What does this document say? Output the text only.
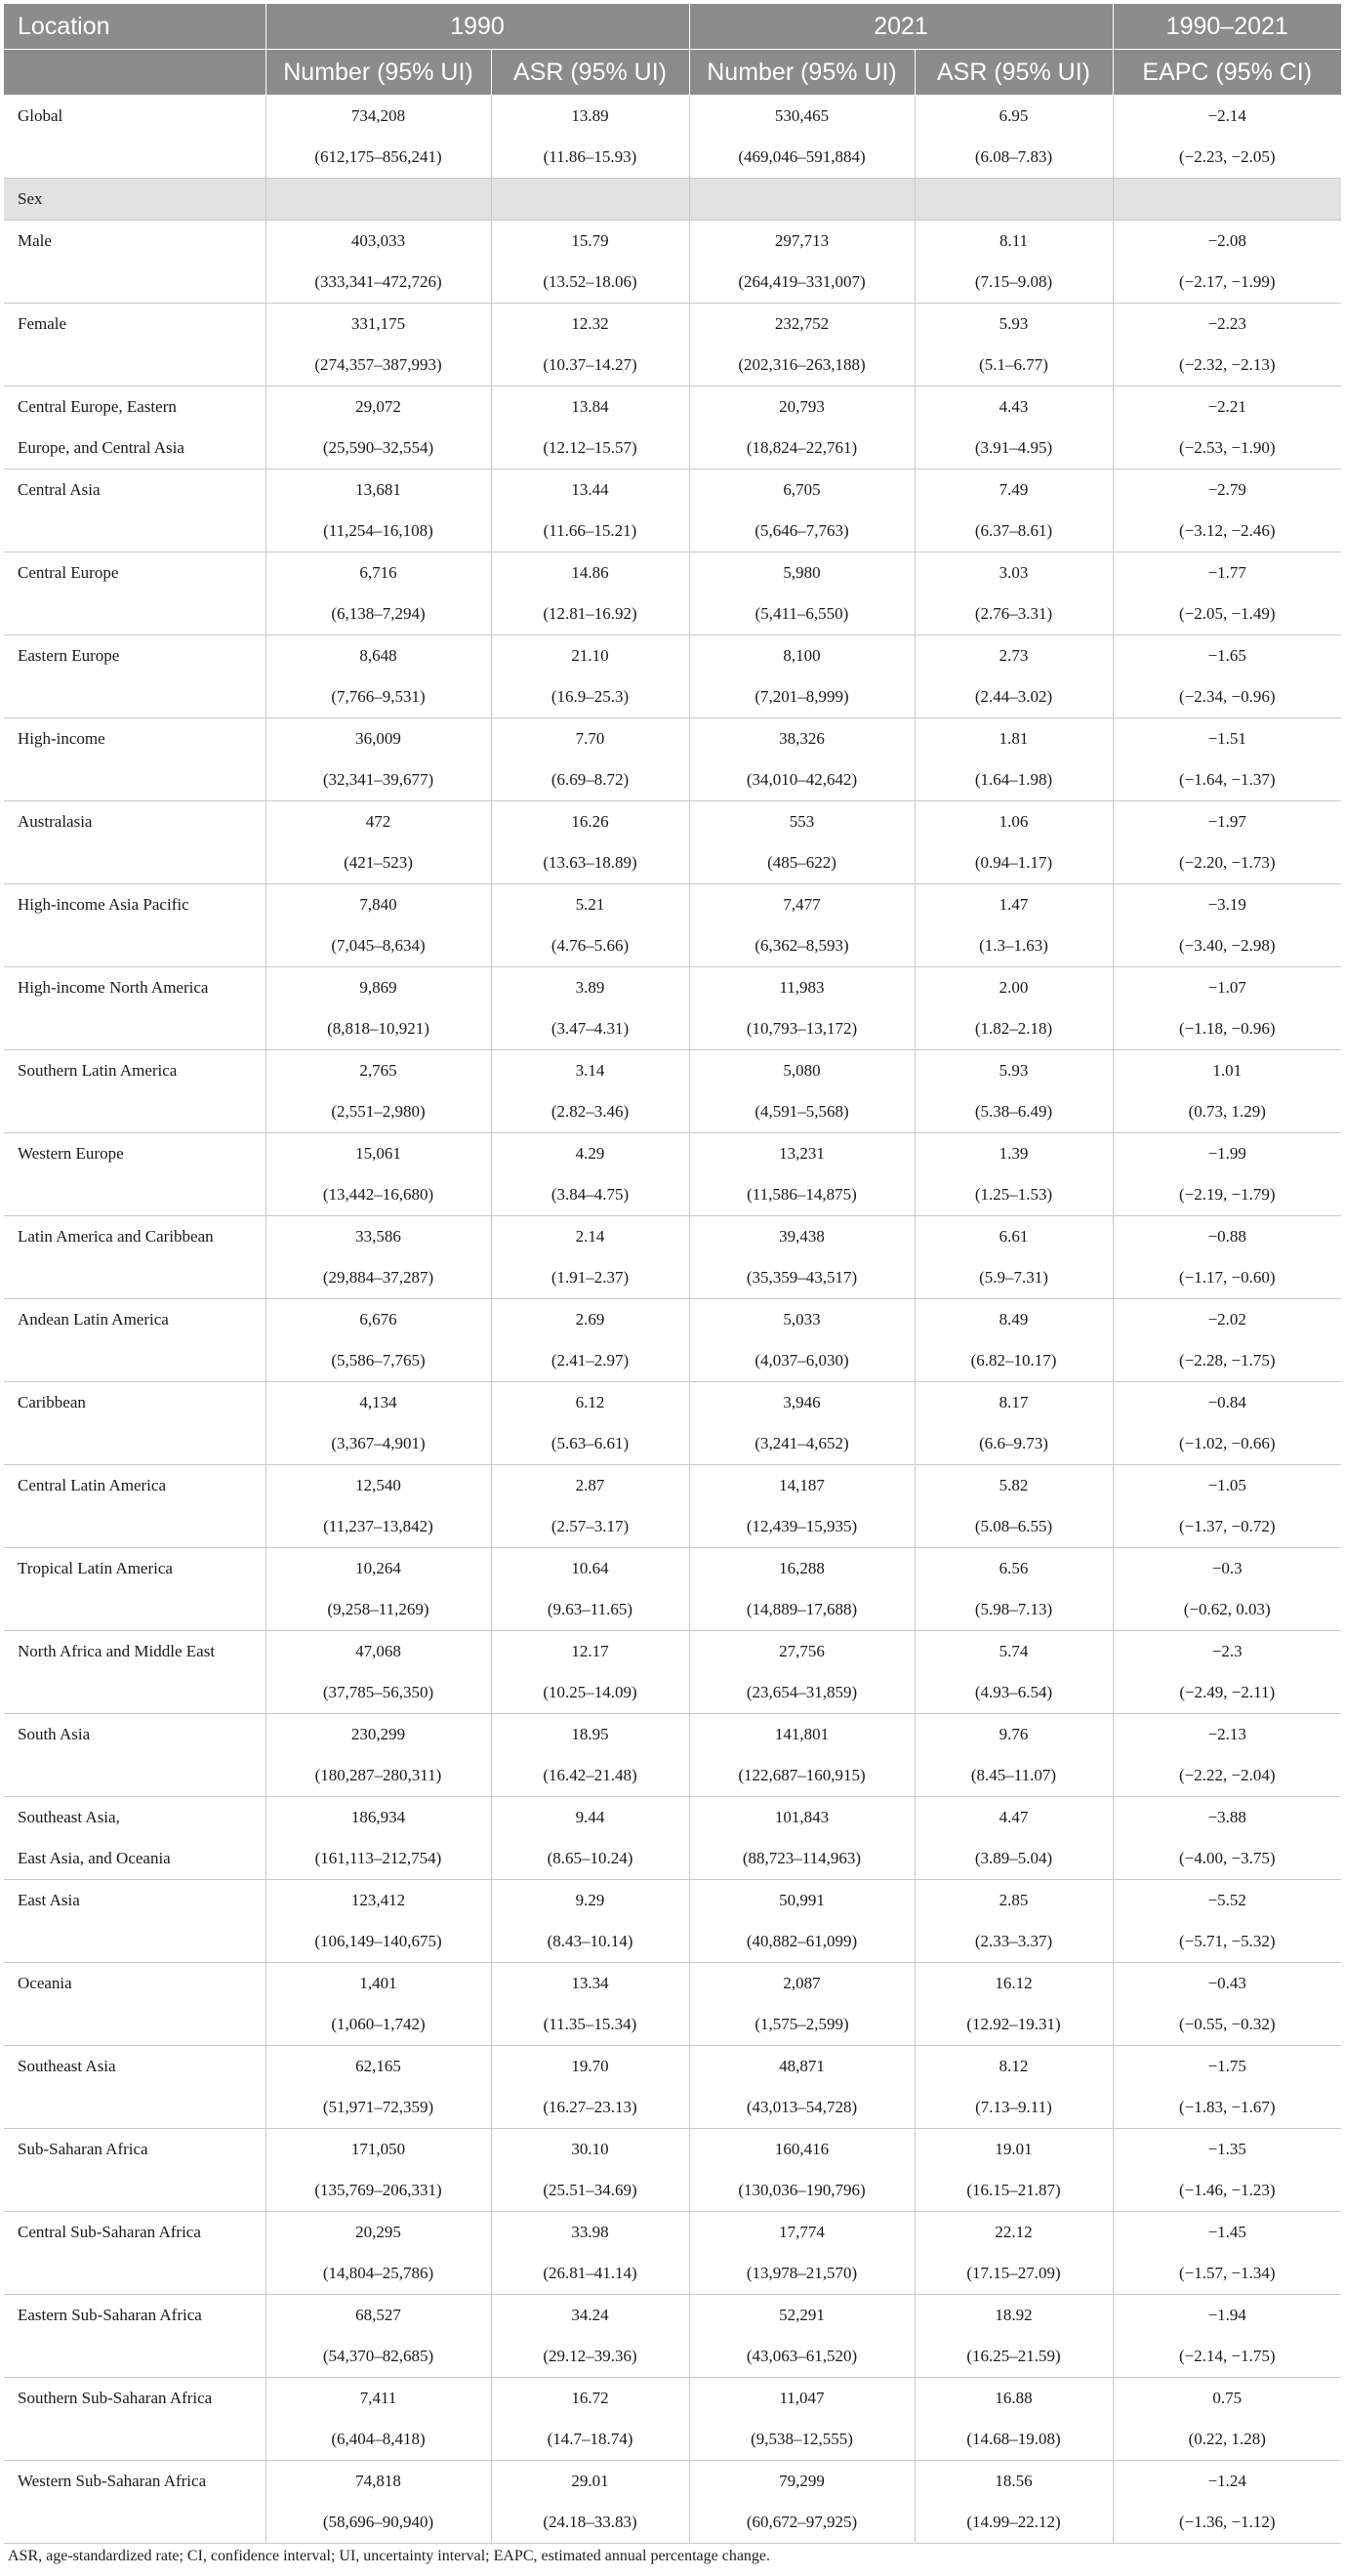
Location	1990		2021		1990–2021
	Number (95% UI)	ASR (95% UI)	Number (95% UI)	ASR (95% UI)	EAPC (95% CI)
Global	734,208	13.89	530,465	6.95	−2.14
	(612,175–856,241)	(11.86–15.93)	(469,046–591,884)	(6.08–7.83)	(−2.23, −2.05)
Sex					
Male	403,033	15.79	297,713	8.11	−2.08
	(333,341–472,726)	(13.52–18.06)	(264,419–331,007)	(7.15–9.08)	(−2.17, −1.99)
Female	331,175	12.32	232,752	5.93	−2.23
	(274,357–387,993)	(10.37–14.27)	(202,316–263,188)	(5.1–6.77)	(−2.32, −2.13)
Central Europe, Eastern	29,072	13.84	20,793	4.43	−2.21
Europe, and Central Asia	(25,590–32,554)	(12.12–15.57)	(18,824–22,761)	(3.91–4.95)	(−2.53, −1.90)
Central Asia	13,681	13.44	6,705	7.49	−2.79
	(11,254–16,108)	(11.66–15.21)	(5,646–7,763)	(6.37–8.61)	(−3.12, −2.46)
Central Europe	6,716	14.86	5,980	3.03	−1.77
	(6,138–7,294)	(12.81–16.92)	(5,411–6,550)	(2.76–3.31)	(−2.05, −1.49)
Eastern Europe	8,648	21.10	8,100	2.73	−1.65
	(7,766–9,531)	(16.9–25.3)	(7,201–8,999)	(2.44–3.02)	(−2.34, −0.96)
High-income	36,009	7.70	38,326	1.81	−1.51
	(32,341–39,677)	(6.69–8.72)	(34,010–42,642)	(1.64–1.98)	(−1.64, −1.37)
Australasia	472	16.26	553	1.06	−1.97
	(421–523)	(13.63–18.89)	(485–622)	(0.94–1.17)	(−2.20, −1.73)
High-income Asia Pacific	7,840	5.21	7,477	1.47	−3.19
	(7,045–8,634)	(4.76–5.66)	(6,362–8,593)	(1.3–1.63)	(−3.40, −2.98)
High-income North America	9,869	3.89	11,983	2.00	−1.07
	(8,818–10,921)	(3.47–4.31)	(10,793–13,172)	(1.82–2.18)	(−1.18, −0.96)
Southern Latin America	2,765	3.14	5,080	5.93	1.01
	(2,551–2,980)	(2.82–3.46)	(4,591–5,568)	(5.38–6.49)	(0.73, 1.29)
Western Europe	15,061	4.29	13,231	1.39	−1.99
	(13,442–16,680)	(3.84–4.75)	(11,586–14,875)	(1.25–1.53)	(−2.19, −1.79)
Latin America and Caribbean	33,586	2.14	39,438	6.61	−0.88
	(29,884–37,287)	(1.91–2.37)	(35,359–43,517)	(5.9–7.31)	(−1.17, −0.60)
Andean Latin America	6,676	2.69	5,033	8.49	−2.02
	(5,586–7,765)	(2.41–2.97)	(4,037–6,030)	(6.82–10.17)	(−2.28, −1.75)
Caribbean	4,134	6.12	3,946	8.17	−0.84
	(3,367–4,901)	(5.63–6.61)	(3,241–4,652)	(6.6–9.73)	(−1.02, −0.66)
Central Latin America	12,540	2.87	14,187	5.82	−1.05
	(11,237–13,842)	(2.57–3.17)	(12,439–15,935)	(5.08–6.55)	(−1.37, −0.72)
Tropical Latin America	10,264	10.64	16,288	6.56	−0.3
	(9,258–11,269)	(9.63–11.65)	(14,889–17,688)	(5.98–7.13)	(−0.62, 0.03)
North Africa and Middle East	47,068	12.17	27,756	5.74	−2.3
	(37,785–56,350)	(10.25–14.09)	(23,654–31,859)	(4.93–6.54)	(−2.49, −2.11)
South Asia	230,299	18.95	141,801	9.76	−2.13
	(180,287–280,311)	(16.42–21.48)	(122,687–160,915)	(8.45–11.07)	(−2.22, −2.04)
Southeast Asia,	186,934	9.44	101,843	4.47	−3.88
East Asia, and Oceania	(161,113–212,754)	(8.65–10.24)	(88,723–114,963)	(3.89–5.04)	(−4.00, −3.75)
East Asia	123,412	9.29	50,991	2.85	−5.52
	(106,149–140,675)	(8.43–10.14)	(40,882–61,099)	(2.33–3.37)	(−5.71, −5.32)
Oceania	1,401	13.34	2,087	16.12	−0.43
	(1,060–1,742)	(11.35–15.34)	(1,575–2,599)	(12.92–19.31)	(−0.55, −0.32)
Southeast Asia	62,165	19.70	48,871	8.12	−1.75
	(51,971–72,359)	(16.27–23.13)	(43,013–54,728)	(7.13–9.11)	(−1.83, −1.67)
Sub-Saharan Africa	171,050	30.10	160,416	19.01	−1.35
	(135,769–206,331)	(25.51–34.69)	(130,036–190,796)	(16.15–21.87)	(−1.46, −1.23)
Central Sub-Saharan Africa	20,295	33.98	17,774	22.12	−1.45
	(14,804–25,786)	(26.81–41.14)	(13,978–21,570)	(17.15–27.09)	(−1.57, −1.34)
Eastern Sub-Saharan Africa	68,527	34.24	52,291	18.92	−1.94
	(54,370–82,685)	(29.12–39.36)	(43,063–61,520)	(16.25–21.59)	(−2.14, −1.75)
Southern Sub-Saharan Africa	7,411	16.72	11,047	16.88	0.75
	(6,404–8,418)	(14.7–18.74)	(9,538–12,555)	(14.68–19.08)	(0.22, 1.28)
Western Sub-Saharan Africa	74,818	29.01	79,299	18.56	−1.24
	(58,696–90,940)	(24.18–33.83)	(60,672–97,925)	(14.99–22.12)	(−1.36, −1.12)
ASR, age-standardized rate; CI, confidence interval; UI, uncertainty interval; EAPC, estimated annual percentage change.
